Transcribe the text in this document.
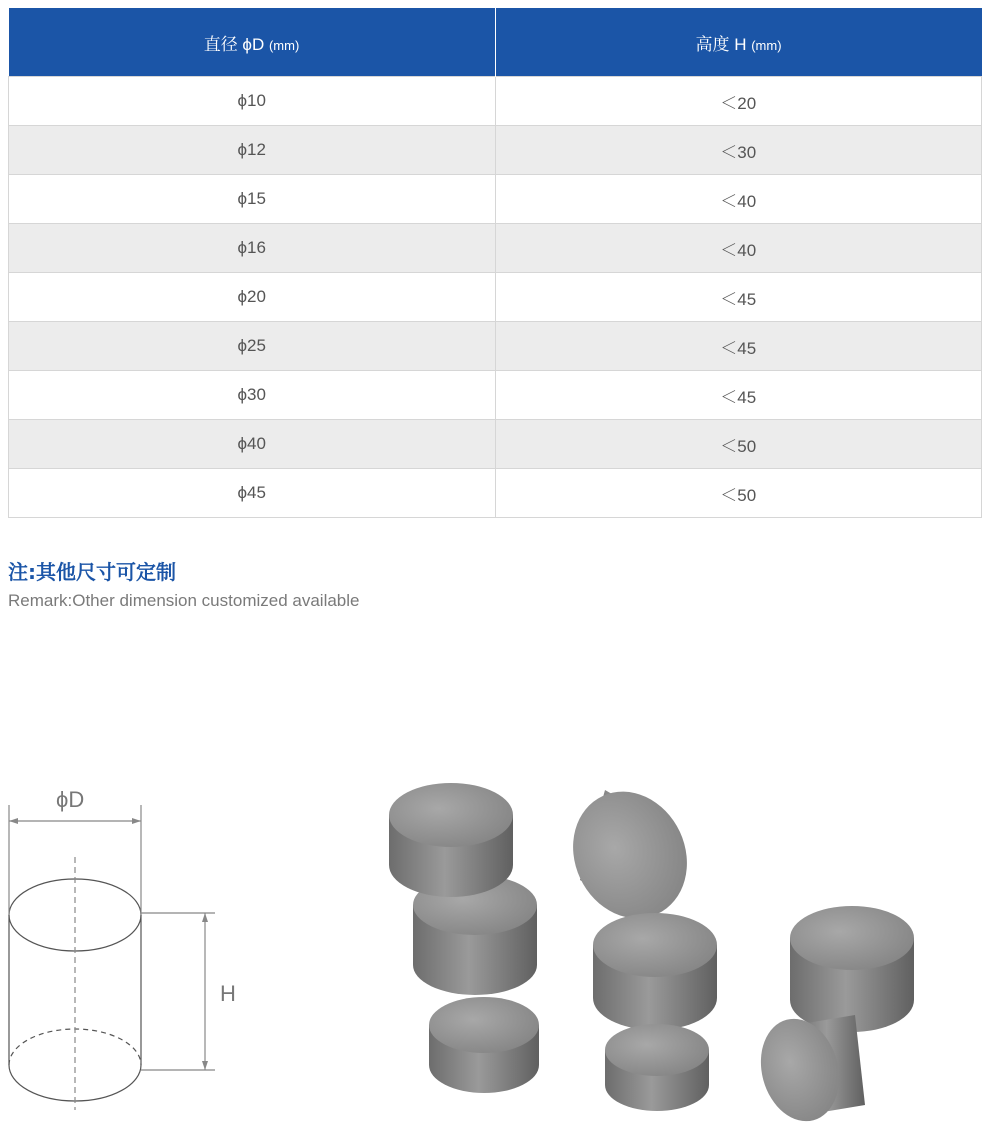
直径 ϕD (mm)	高度 H (mm)
ϕ10	＜20
ϕ12	＜30
ϕ15	＜40
ϕ16	＜40
ϕ20	＜45
ϕ25	＜45
ϕ30	＜45
ϕ40	＜50
ϕ45	＜50
注:其他尺寸可定制
Remark:Other dimension customized available
ϕD
H
